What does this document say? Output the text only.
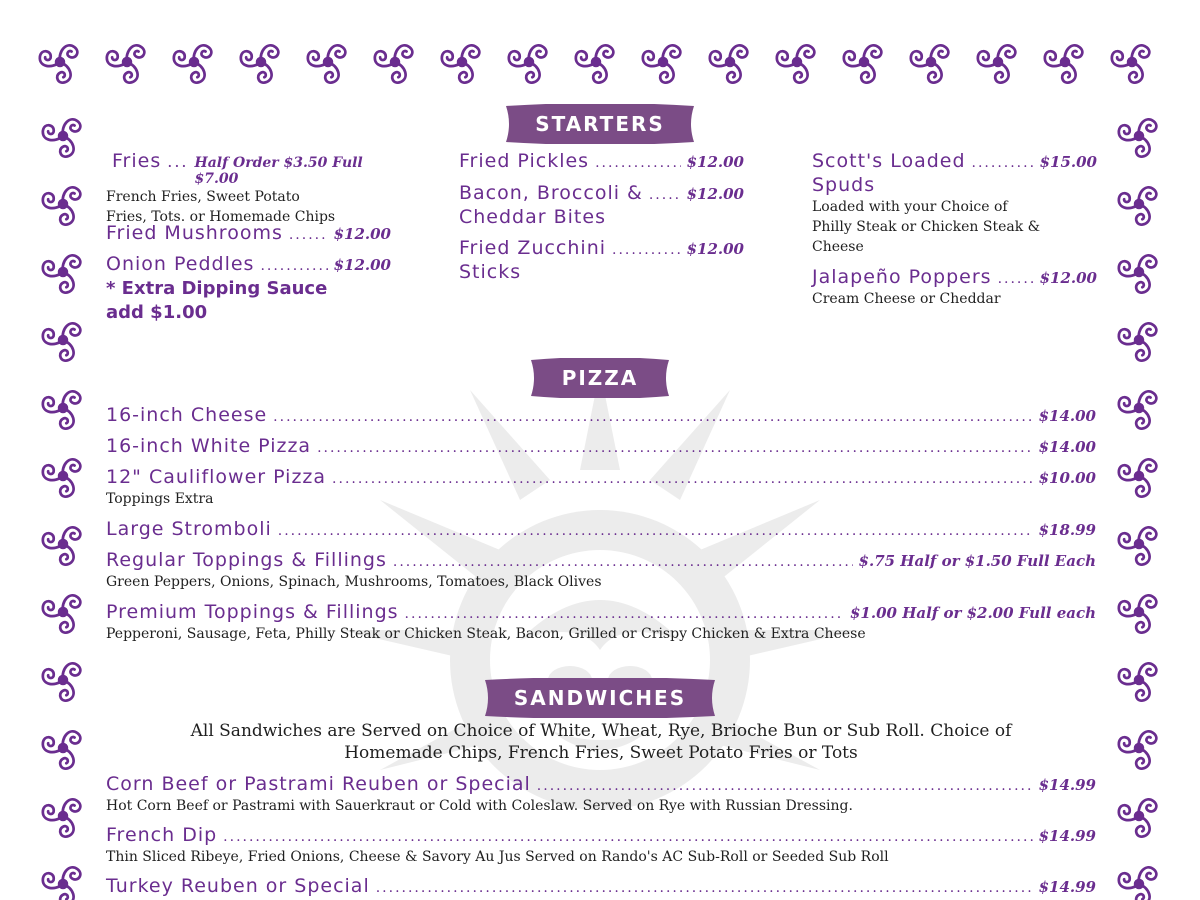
STARTERS
Fries ... Half Order $3.50 Full $7.00
French Fries, Sweet Potato
Fries, Tots. or Homemade Chips
Fried Mushrooms .....	$12.00
Onion Peddles .....	$12.00
* Extra Dipping Sauce
add $1.00
Fried Pickles .....	$12.00
Bacon, Broccoli & .....	$12.00
Cheddar Bites
Fried Zucchini .....	$12.00
Sticks
Scott's Loaded .....	$15.00
Spuds
Loaded with your Choice of
Philly Steak or Chicken Steak &
Cheese
Jalapeño Poppers .....	$12.00
Cream Cheese or Cheddar
PIZZA
16-inch Cheese .....	$14.00
16-inch White Pizza .....	$14.00
12" Cauliflower Pizza .....	$10.00
Toppings Extra
Large Stromboli .....	$18.99
Regular Toppings & Fillings .....	$.75 Half or $1.50 Full Each
Green Peppers, Onions, Spinach, Mushrooms, Tomatoes, Black Olives
Premium Toppings & Fillings .....	$1.00 Half or $2.00 Full each
Pepperoni, Sausage, Feta, Philly Steak or Chicken Steak, Bacon, Grilled or Crispy Chicken & Extra Cheese
SANDWICHES
All Sandwiches are Served on Choice of White, Wheat, Rye, Brioche Bun or Sub Roll. Choice of
Homemade Chips, French Fries, Sweet Potato Fries or Tots
Corn Beef or Pastrami Reuben or Special .....	$14.99
Hot Corn Beef or Pastrami with Sauerkraut or Cold with Coleslaw. Served on Rye with Russian Dressing.
French Dip .....	$14.99
Thin Sliced Ribeye, Fried Onions, Cheese & Savory Au Jus Served on Rando's AC Sub-Roll or Seeded Sub Roll
Turkey Reuben or Special .....	$14.99
